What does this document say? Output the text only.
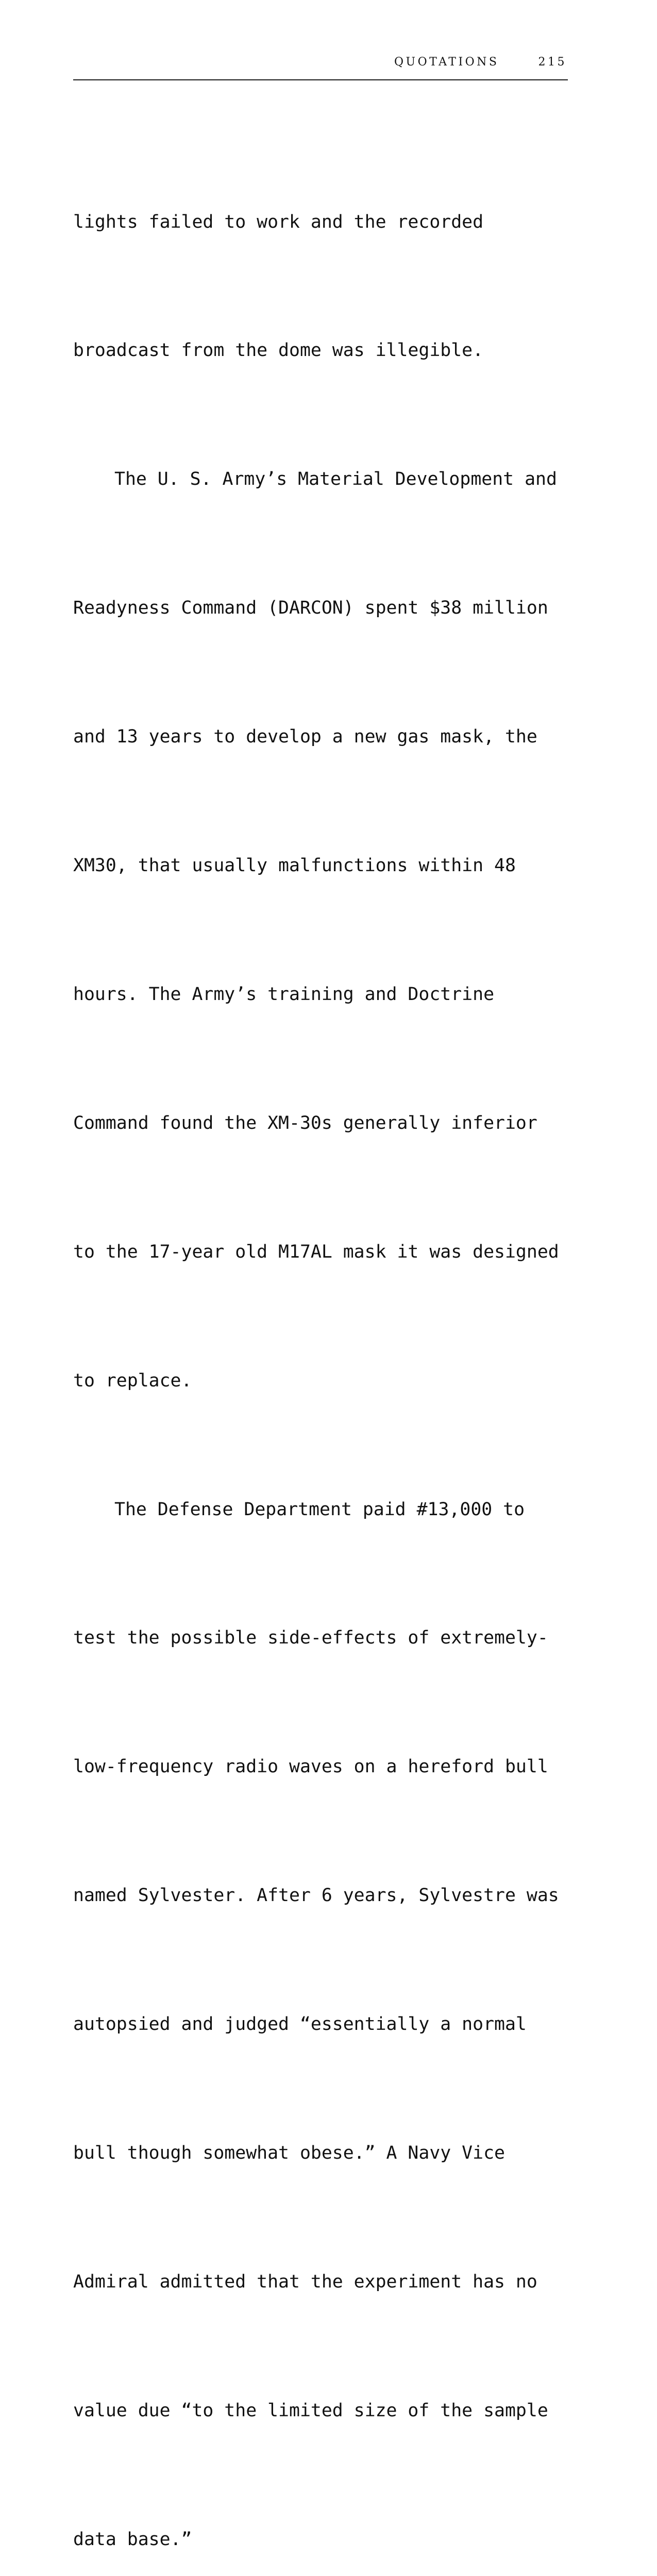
QUOTATIONS	215

lights failed to work and the recorded

broadcast from the dome was illegible.

The U. S. Army’s Material Development and

Readyness Command (DARCON) spent $38 million

and 13 years to develop a new gas mask, the

XM30, that usually malfunctions within 48

hours. The Army’s training and Doctrine

Command found the XM-30s generally inferior

to the 17-year old M17AL mask it was designed

to replace.

The Defense Department paid #13,000 to

test the possible side-effects of extremely-

low-frequency radio waves on a hereford bull

named Sylvester. After 6 years, Sylvestre was

autopsied and judged “essentially a normal

bull though somewhat obese.” A Navy Vice

Admiral admitted that the experiment has no

value due “to the limited size of the sample

data base.”
